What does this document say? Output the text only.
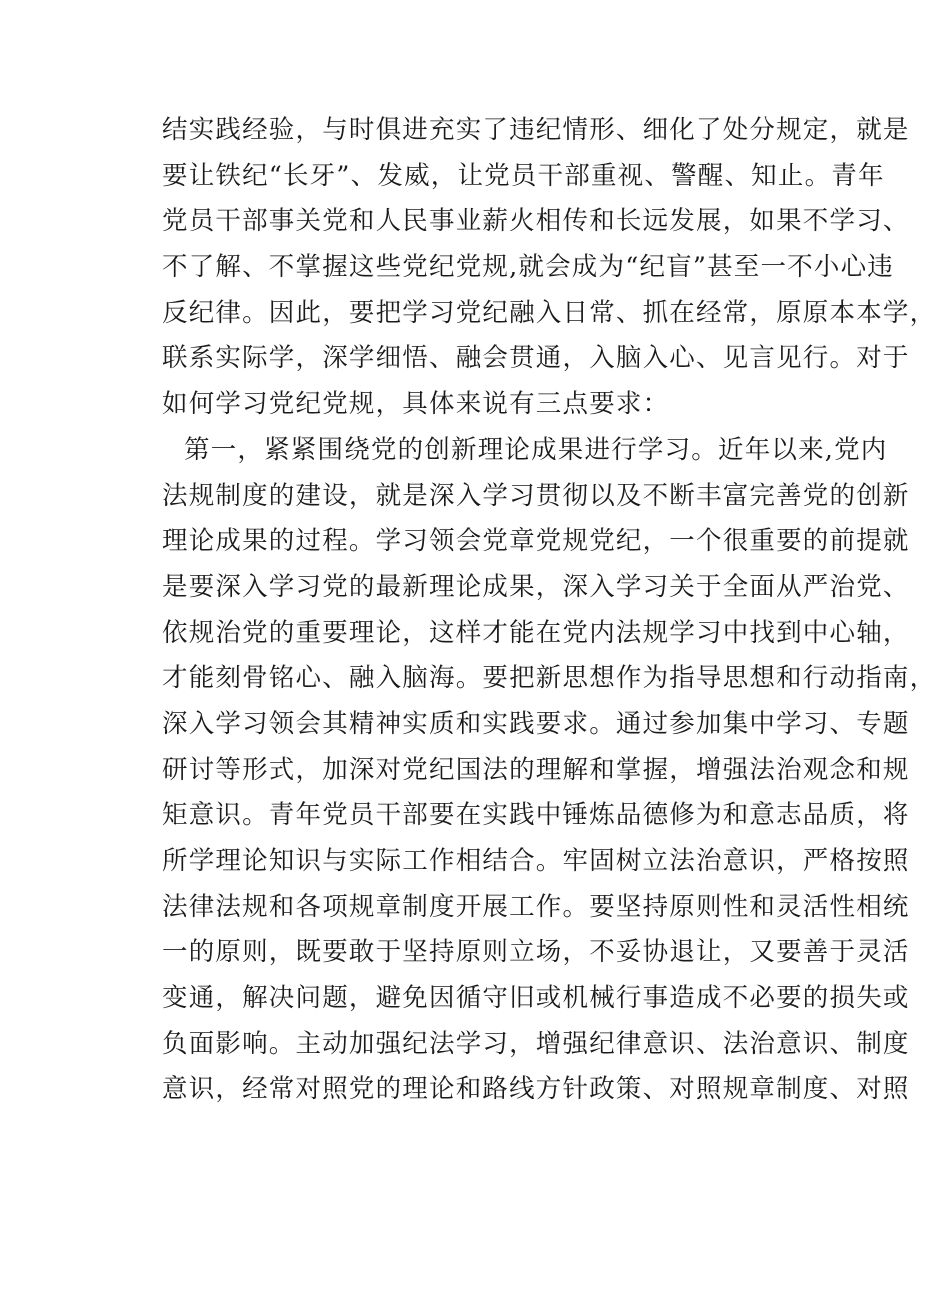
结实践经验，与时俱进充实了违纪情形、细化了处分规定，就是
要让铁纪“长牙”、发威，让党员干部重视、警醒、知止。青年
党员干部事关党和人民事业薪火相传和长远发展，如果不学习、
不了解、不掌握这些党纪党规,就会成为“纪盲”甚至一不小心违
反纪律。因此，要把学习党纪融入日常、抓在经常，原原本本学，
联系实际学，深学细悟、融会贯通，入脑入心、见言见行。对于
如何学习党纪党规，具体来说有三点要求：
第一，紧紧围绕党的创新理论成果进行学习。近年以来,党内
法规制度的建设，就是深入学习贯彻以及不断丰富完善党的创新
理论成果的过程。学习领会党章党规党纪，一个很重要的前提就
是要深入学习党的最新理论成果，深入学习关于全面从严治党、
依规治党的重要理论，这样才能在党内法规学习中找到中心轴，
才能刻骨铭心、融入脑海。要把新思想作为指导思想和行动指南，
深入学习领会其精神实质和实践要求。通过参加集中学习、专题
研讨等形式，加深对党纪国法的理解和掌握，增强法治观念和规
矩意识。青年党员干部要在实践中锤炼品德修为和意志品质，将
所学理论知识与实际工作相结合。牢固树立法治意识，严格按照
法律法规和各项规章制度开展工作。要坚持原则性和灵活性相统
一的原则，既要敢于坚持原则立场，不妥协退让，又要善于灵活
变通，解决问题，避免因循守旧或机械行事造成不必要的损失或
负面影响。主动加强纪法学习，增强纪律意识、法治意识、制度
意识，经常对照党的理论和路线方针政策、对照规章制度、对照
